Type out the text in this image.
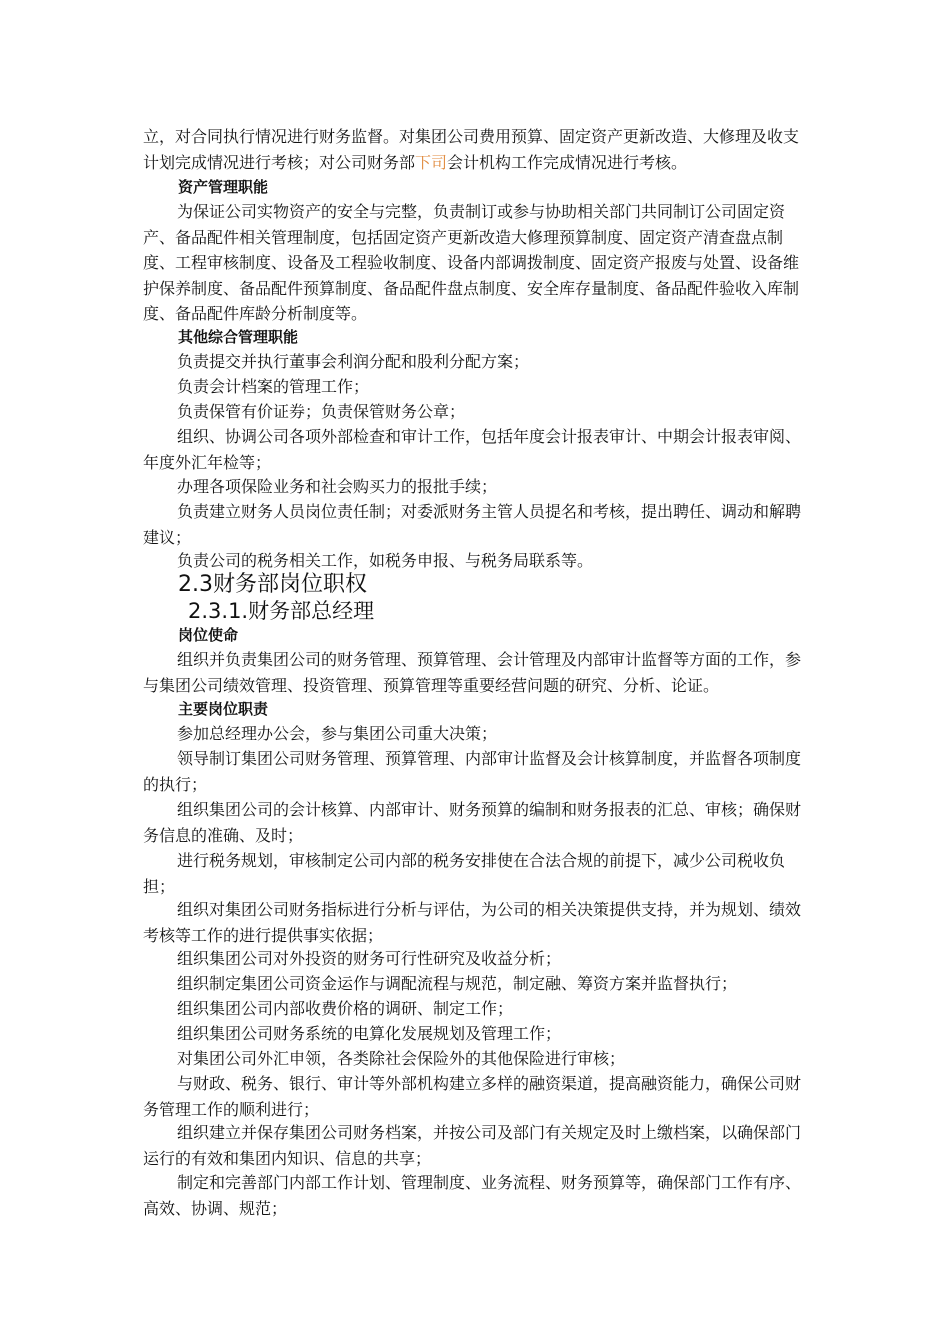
立，对合同执行情况进行财务监督。对集团公司费用预算、固定资产更新改造、大修理及收支计划完成情况进行考核；对公司财务部下司会计机构工作完成情况进行考核。

资产管理职能

为保证公司实物资产的安全与完整，负责制订或参与协助相关部门共同制订公司固定资产、备品配件相关管理制度，包括固定资产更新改造大修理预算制度、固定资产清查盘点制度、工程审核制度、设备及工程验收制度、设备内部调拨制度、固定资产报废与处置、设备维护保养制度、备品配件预算制度、备品配件盘点制度、安全库存量制度、备品配件验收入库制度、备品配件库龄分析制度等。

其他综合管理职能

负责提交并执行董事会利润分配和股利分配方案；

负责会计档案的管理工作；

负责保管有价证券；负责保管财务公章；

组织、协调公司各项外部检查和审计工作，包括年度会计报表审计、中期会计报表审阅、年度外汇年检等；

办理各项保险业务和社会购买力的报批手续；

负责建立财务人员岗位责任制；对委派财务主管人员提名和考核，提出聘任、调动和解聘建议；

负责公司的税务相关工作，如税务申报、与税务局联系等。

2.3财务部岗位职权
2.3.1.财务部总经理
岗位使命

组织并负责集团公司的财务管理、预算管理、会计管理及内部审计监督等方面的工作，参与集团公司绩效管理、投资管理、预算管理等重要经营问题的研究、分析、论证。

主要岗位职责

参加总经理办公会，参与集团公司重大决策；

领导制订集团公司财务管理、预算管理、内部审计监督及会计核算制度，并监督各项制度的执行；

组织集团公司的会计核算、内部审计、财务预算的编制和财务报表的汇总、审核；确保财务信息的准确、及时；

进行税务规划，审核制定公司内部的税务安排使在合法合规的前提下，减少公司税收负担；

组织对集团公司财务指标进行分析与评估，为公司的相关决策提供支持，并为规划、绩效考核等工作的进行提供事实依据；

组织集团公司对外投资的财务可行性研究及收益分析；

组织制定集团公司资金运作与调配流程与规范，制定融、筹资方案并监督执行；

组织集团公司内部收费价格的调研、制定工作；

组织集团公司财务系统的电算化发展规划及管理工作；

对集团公司外汇申领，各类除社会保险外的其他保险进行审核；

与财政、税务、银行、审计等外部机构建立多样的融资渠道，提高融资能力，确保公司财务管理工作的顺利进行；

组织建立并保存集团公司财务档案，并按公司及部门有关规定及时上缴档案，以确保部门运行的有效和集团内知识、信息的共享；

制定和完善部门内部工作计划、管理制度、业务流程、财务预算等，确保部门工作有序、高效、协调、规范；
